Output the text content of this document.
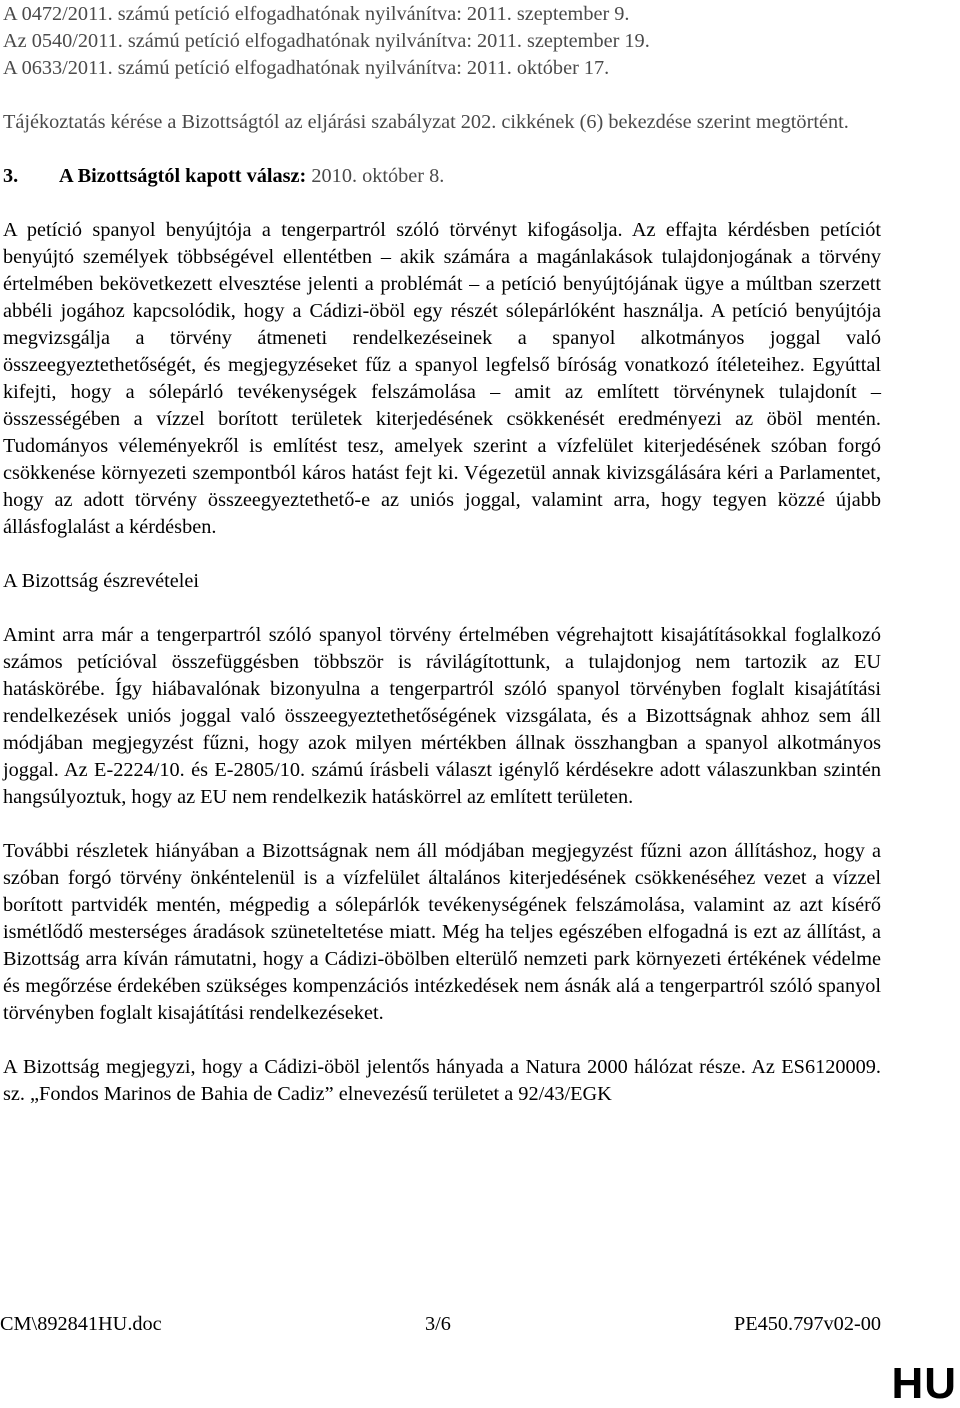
A 0472/2011. számú petíció elfogadhatónak nyilvánítva: 2011. szeptember 9.
Az 0540/2011. számú petíció elfogadhatónak nyilvánítva: 2011. szeptember 19.
A 0633/2011. számú petíció elfogadhatónak nyilvánítva: 2011. október 17.

Tájékoztatás kérése a Bizottságtól az eljárási szabályzat 202. cikkének (6) bekezdése szerint megtörtént.

3. A Bizottságtól kapott válasz: 2010. október 8.

A petíció spanyol benyújtója a tengerpartról szóló törvényt kifogásolja. Az effajta kérdésben petíciót benyújtó személyek többségével ellentétben – akik számára a magánlakások tulajdonjogának a törvény értelmében bekövetkezett elvesztése jelenti a problémát – a petíció benyújtójának ügye a múltban szerzett abbéli jogához kapcsolódik, hogy a Cádizi-öböl egy részét sólepárlóként használja. A petíció benyújtója megvizsgálja a törvény átmeneti rendelkezéseinek a spanyol alkotmányos joggal való összeegyeztethetőségét, és megjegyzéseket fűz a spanyol legfelső bíróság vonatkozó ítéleteihez. Egyúttal kifejti, hogy a sólepárló tevékenységek felszámolása – amit az említett törvénynek tulajdonít – összességében a vízzel borított területek kiterjedésének csökkenését eredményezi az öböl mentén. Tudományos véleményekről is említést tesz, amelyek szerint a vízfelület kiterjedésének szóban forgó csökkenése környezeti szempontból káros hatást fejt ki. Végezetül annak kivizsgálására kéri a Parlamentet, hogy az adott törvény összeegyeztethető-e az uniós joggal, valamint arra, hogy tegyen közzé újabb állásfoglalást a kérdésben.

A Bizottság észrevételei

Amint arra már a tengerpartról szóló spanyol törvény értelmében végrehajtott kisajátításokkal foglalkozó számos petícióval összefüggésben többször is rávilágítottunk, a tulajdonjog nem tartozik az EU hatáskörébe. Így hiábavalónak bizonyulna a tengerpartról szóló spanyol törvényben foglalt kisajátítási rendelkezések uniós joggal való összeegyeztethetőségének vizsgálata, és a Bizottságnak ahhoz sem áll módjában megjegyzést fűzni, hogy azok milyen mértékben állnak összhangban a spanyol alkotmányos joggal. Az E-2224/10. és E-2805/10. számú írásbeli választ igénylő kérdésekre adott válaszunkban szintén hangsúlyoztuk, hogy az EU nem rendelkezik hatáskörrel az említett területen.

További részletek hiányában a Bizottságnak nem áll módjában megjegyzést fűzni azon állításhoz, hogy a szóban forgó törvény önkéntelenül is a vízfelület általános kiterjedésének csökkenéséhez vezet a vízzel borított partvidék mentén, mégpedig a sólepárlók tevékenységének felszámolása, valamint az azt kísérő ismétlődő mesterséges áradások szüneteltetése miatt. Még ha teljes egészében elfogadná is ezt az állítást, a Bizottság arra kíván rámutatni, hogy a Cádizi-öbölben elterülő nemzeti park környezeti értékének védelme és megőrzése érdekében szükséges kompenzációs intézkedések nem ásnák alá a tengerpartról szóló spanyol törvényben foglalt kisajátítási rendelkezéseket.

A Bizottság megjegyzi, hogy a Cádizi-öböl jelentős hányada a Natura 2000 hálózat része. Az ES6120009. sz. „Fondos Marinos de Bahia de Cadiz” elnevezésű területet a 92/43/EGK

CM\892841HU.doc	3/6	PE450.797v02-00
HU
